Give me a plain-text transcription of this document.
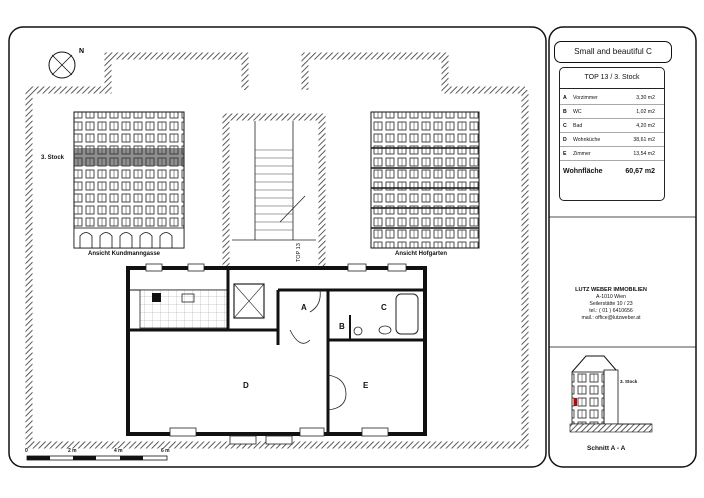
N	Small and beautiful C
TOP 13 / 3. Stock
A	Vorzimmer	3,30 m2
B	WC	1,02 m2
C	Bad	4,20 m2
D	Wohnküche	38,61 m2
E	Zimmer	13,54 m2
Wohnfläche	60,67 m2
LUTZ WEBER IMMOBILIEN
A-1010 Wien
Seilerstätte 10 / 23
tel.: ( 01 ) 6410656
mail.: office@lutzweber.at
3. Stock
Ansicht Kundmanngasse	Ansicht Hofgarten
TOP 13
A
B
C
D	E	3. Stock
Schnitt A - A
0	2 m	4 m	6 m
